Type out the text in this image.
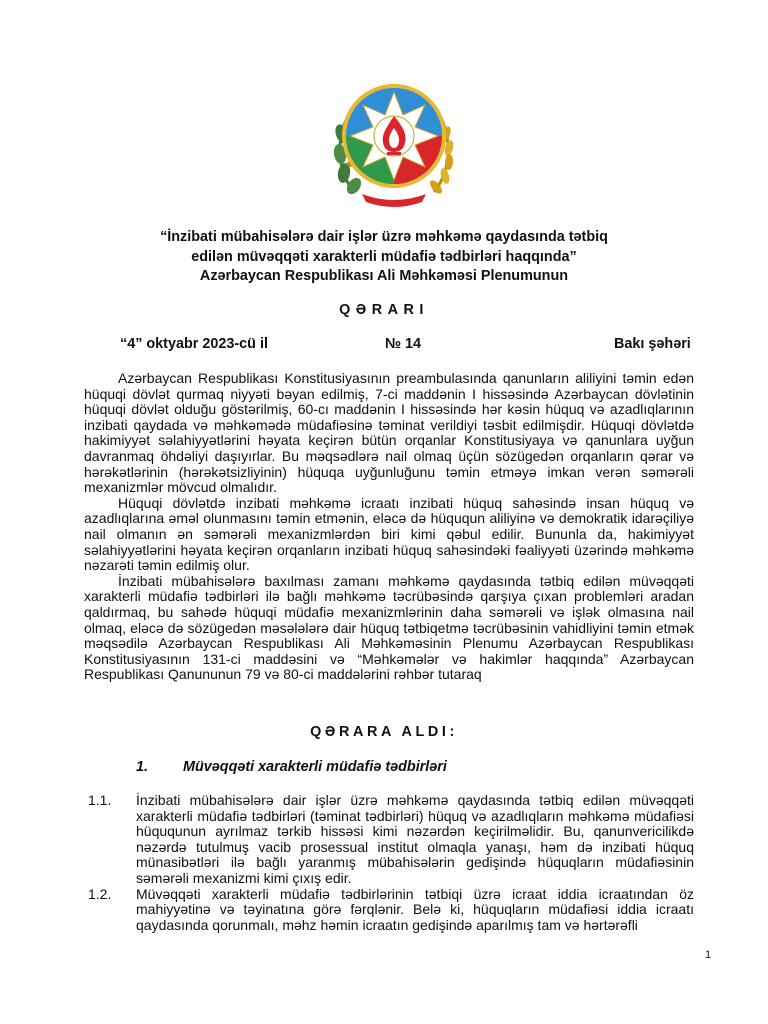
“İnzibati mübahisələrə dair işlər üzrə məhkəmə qaydasında tətbiq
edilən müvəqqəti xarakterli müdafiə tədbirləri haqqında”
Azərbaycan Respublikası Ali Məhkəməsi Plenumunun
QƏRARI
“4” oktyabr 2023-cü il	№ 14	Bakı şəhəri

Azərbaycan Respublikası Konstitusiyasının preambulasında qanunların aliliyini təmin edən hüquqi dövlət qurmaq niyyəti bəyan edilmiş, 7-ci maddənin I hissəsində Azərbaycan dövlətinin hüquqi dövlət olduğu göstərilmiş, 60-cı maddənin I hissəsində hər kəsin hüquq və azadlıqlarının inzibati qaydada və məhkəmədə müdafiəsinə təminat verildiyi təsbit edilmişdir. Hüquqi dövlətdə hakimiyyət səlahiyyətlərini həyata keçirən bütün orqanlar Konstitusiyaya və qanunlara uyğun davranmaq öhdəliyi daşıyırlar. Bu məqsədlərə nail olmaq üçün sözügedən orqanların qərar və hərəkətlərinin (hərəkətsizliyinin) hüquqa uyğunluğunu təmin etməyə imkan verən səmərəli mexanizmlər mövcud olmalıdır.

Hüquqi dövlətdə inzibati məhkəmə icraatı inzibati hüquq sahəsində insan hüquq və azadlıqlarına əməl olunmasını təmin etmənin, eləcə də hüququn aliliyinə və demokratik idarəçiliyə nail olmanın ən səmərəli mexanizmlərdən biri kimi qəbul edilir. Bununla da, hakimiyyət səlahiyyətlərini həyata keçirən orqanların inzibati hüquq sahəsindəki fəaliyyəti üzərində məhkəmə nəzarəti təmin edilmiş olur.

İnzibati mübahisələrə baxılması zamanı məhkəmə qaydasında tətbiq edilən müvəqqəti xarakterli müdafiə tədbirləri ilə bağlı məhkəmə təcrübəsində qarşıya çıxan problemləri aradan qaldırmaq, bu sahədə hüquqi müdafiə mexanizmlərinin daha səmərəli və işlək olmasına nail olmaq, eləcə də sözügedən məsələlərə dair hüquq tətbiqetmə təcrübəsinin vahidliyini təmin etmək məqsədilə Azərbaycan Respublikası Ali Məhkəməsinin Plenumu Azərbaycan Respublikası Konstitusiyasının 131-ci maddəsini və “Məhkəmələr və hakimlər haqqında” Azərbaycan Respublikası Qanununun 79 və 80-ci maddələrini rəhbər tutaraq

QƏRARA ALDI:
1. Müvəqqəti xarakterli müdafiə tədbirləri
1.1.	İnzibati mübahisələrə dair işlər üzrə məhkəmə qaydasında tətbiq edilən müvəqqəti xarakterli müdafiə tədbirləri (təminat tədbirləri) hüquq və azadlıqların məhkəmə müdafiəsi hüququnun ayrılmaz tərkib hissəsi kimi nəzərdən keçirilməlidir. Bu, qanunvericilikdə nəzərdə tutulmuş vacib prosessual institut olmaqla yanaşı, həm də inzibati hüquq münasibətləri ilə bağlı yaranmış mübahisələrin gedişində hüquqların müdafiəsinin səmərəli mexanizmi kimi çıxış edir.
1.2.	Müvəqqəti xarakterli müdafiə tədbirlərinin tətbiqi üzrə icraat iddia icraatından öz mahiyyətinə və təyinatına görə fərqlənir. Belə ki, hüquqların müdafiəsi iddia icraatı qaydasında qorunmalı, məhz həmin icraatın gedişində aparılmış tam və hərtərəfli
1
